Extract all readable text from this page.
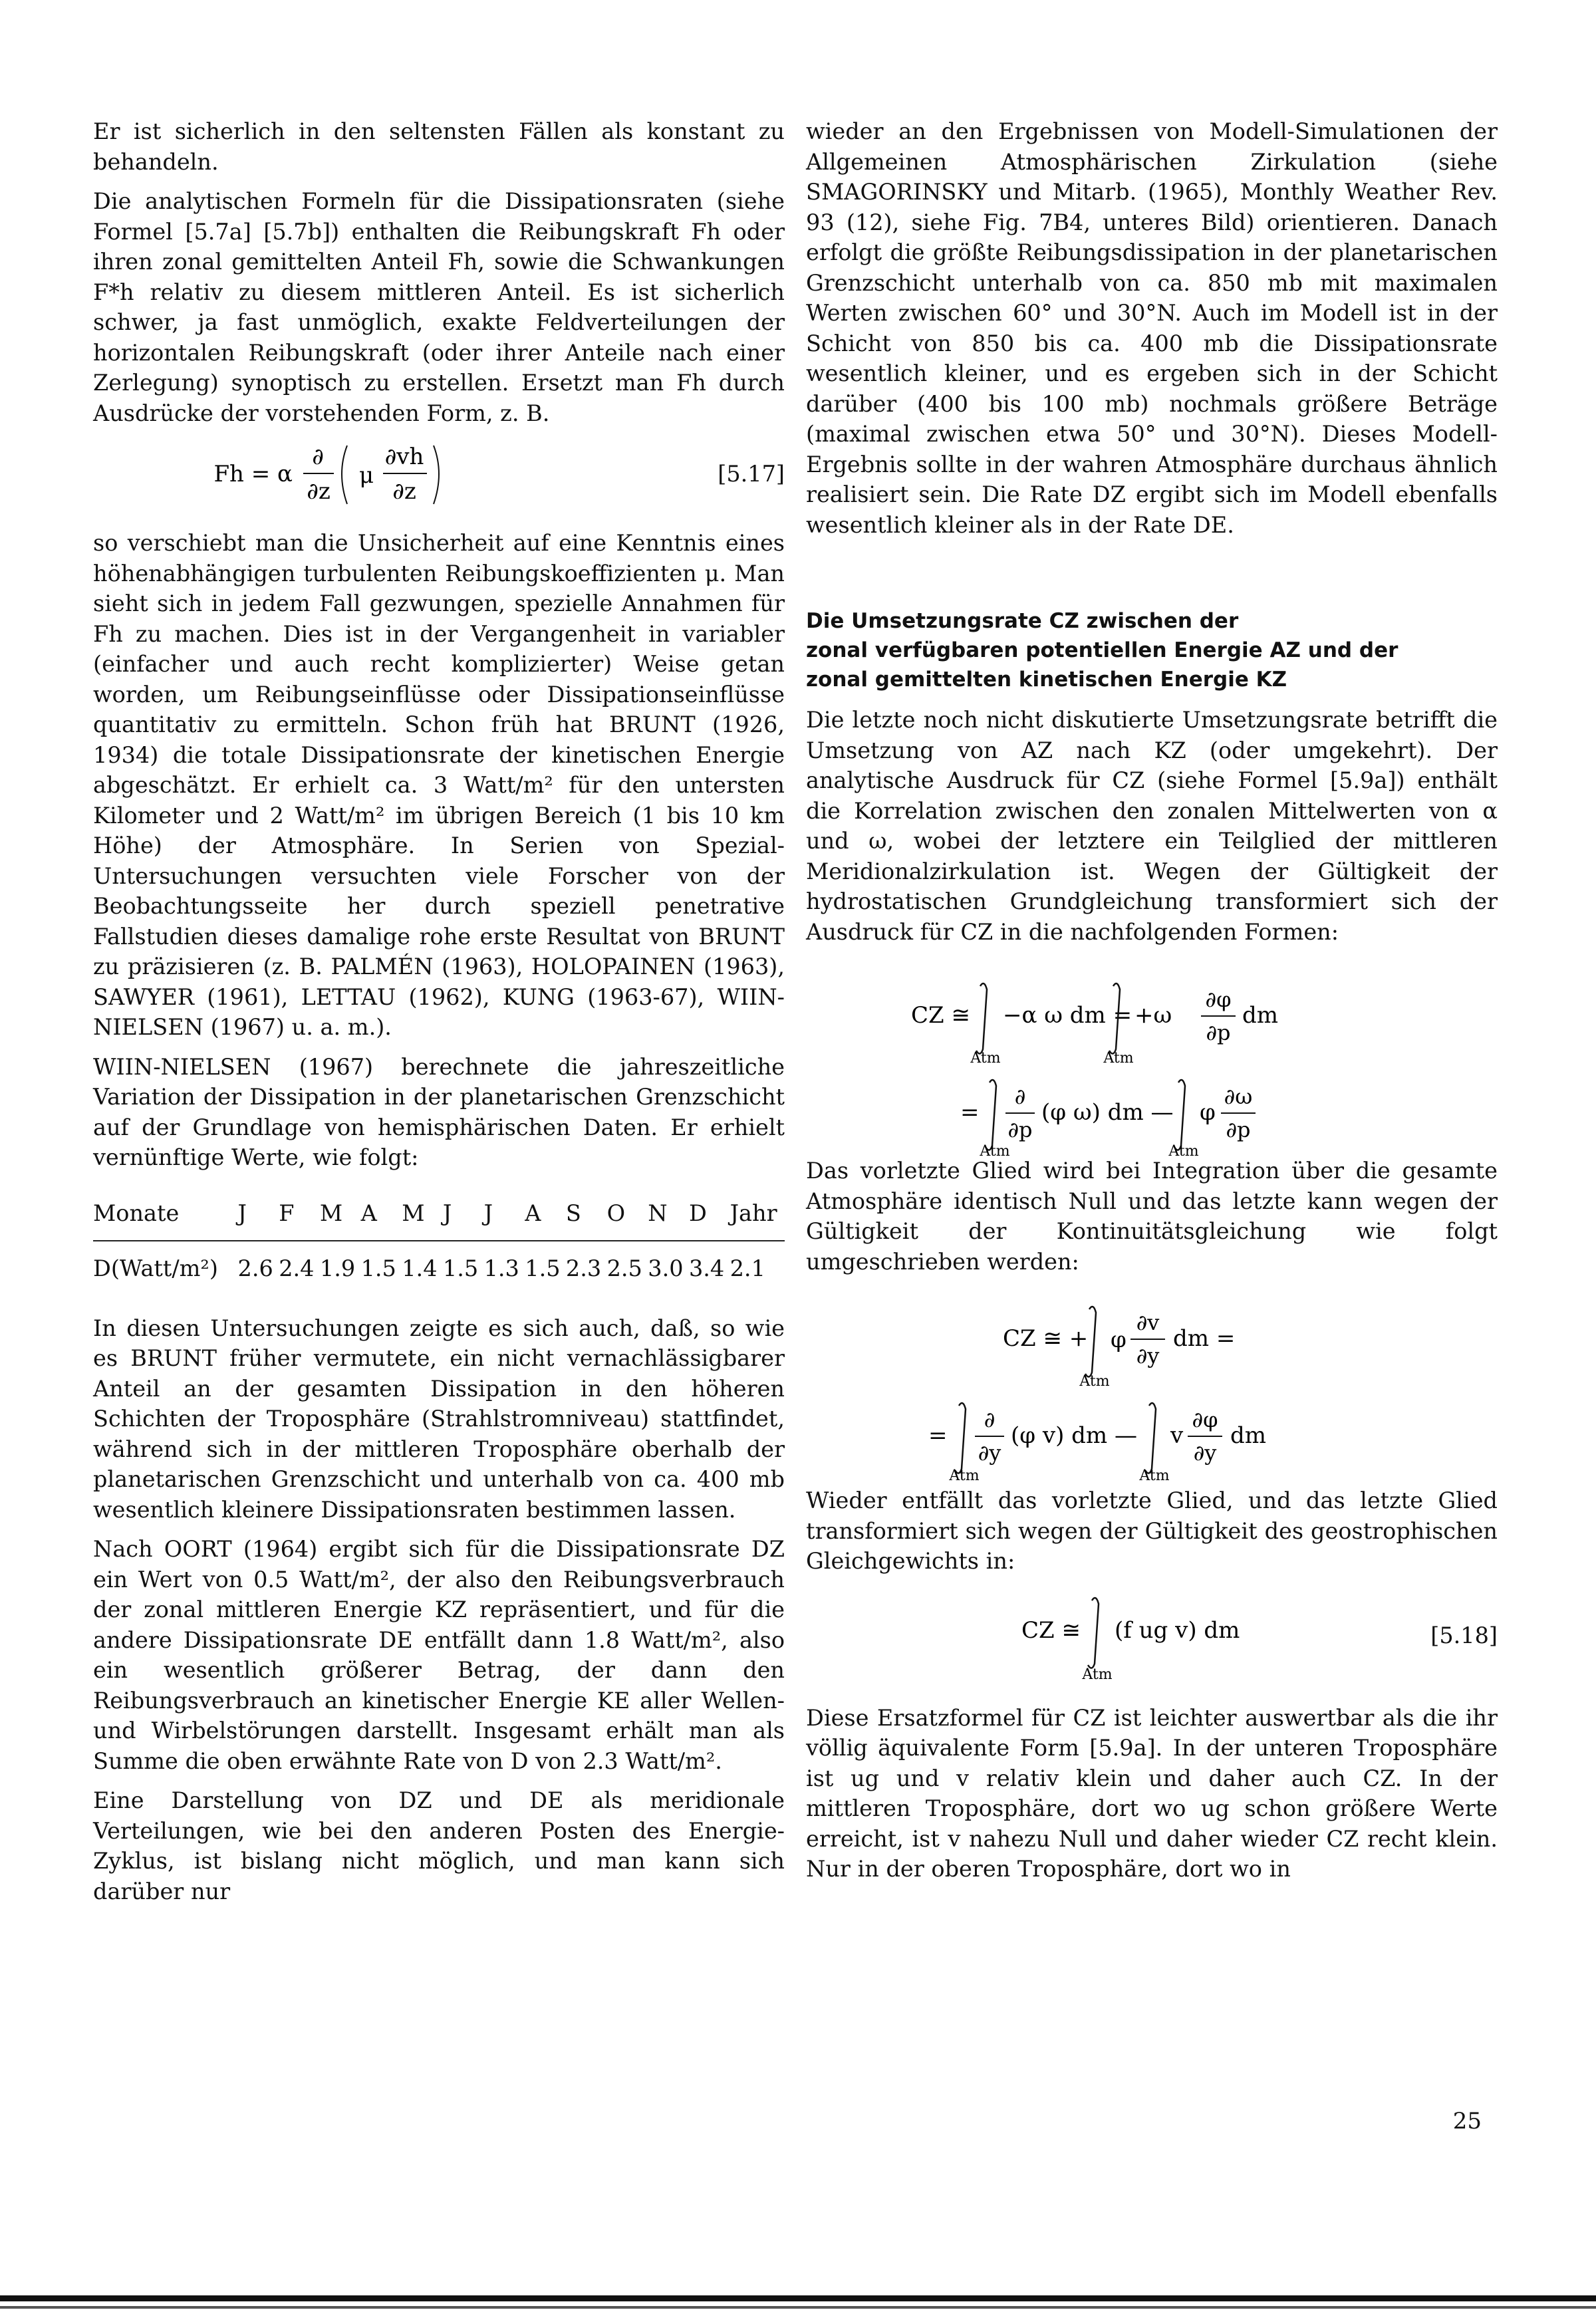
Er ist sicherlich in den seltensten Fällen als konstant zu behandeln.

Die analytischen Formeln für die Dissipationsraten (siehe Formel [5.7a] [5.7b]) enthalten die Reibungskraft Fh oder ihren zonal gemittelten Anteil Fh, sowie die Schwankungen F*h relativ zu diesem mittleren Anteil. Es ist sicherlich schwer, ja fast unmöglich, exakte Feldverteilungen der horizontalen Reibungskraft (oder ihrer Anteile nach einer Zerlegung) synoptisch zu erstellen. Ersetzt man Fh durch Ausdrücke der vorstehenden Form, z. B.

Fh = α
∂
∂z
μ
∂vh
∂z
[5.17]

so verschiebt man die Unsicherheit auf eine Kenntnis eines höhenabhängigen turbulenten Reibungskoeffizienten μ. Man sieht sich in jedem Fall gezwungen, spezielle Annahmen für Fh zu machen. Dies ist in der Vergangenheit in variabler (einfacher und auch recht komplizierter) Weise getan worden, um Reibungseinflüsse oder Dissipationseinflüsse quantitativ zu ermitteln. Schon früh hat BRUNT (1926, 1934) die totale Dissipationsrate der kinetischen Energie abgeschätzt. Er erhielt ca. 3 Watt/m² für den untersten Kilometer und 2 Watt/m² im übrigen Bereich (1 bis 10 km Höhe) der Atmosphäre. In Serien von Spezial-Untersuchungen versuchten viele Forscher von der Beobachtungsseite her durch speziell penetrative Fallstudien dieses damalige rohe erste Resultat von BRUNT zu präzisieren (z. B. PALMÉN (1963), HOLOPAINEN (1963), SAWYER (1961), LETTAU (1962), KUNG (1963-67), WIIN-NIELSEN (1967) u. a. m.).

WIIN-NIELSEN (1967) berechnete die jahreszeitliche Variation der Dissipation in der planetarischen Grenzschicht auf der Grundlage von hemisphärischen Daten. Er erhielt vernünftige Werte, wie folgt:

Monate	J	F	M	A	M	J	J	A	S	O	N	D	Jahr
D(Watt/m²)	2.6	2.4	1.9	1.5	1.4	1.5	1.3	1.5	2.3	2.5	3.0	3.4	2.1

In diesen Untersuchungen zeigte es sich auch, daß, so wie es BRUNT früher vermutete, ein nicht vernachlässigbarer Anteil an der gesamten Dissipation in den höheren Schichten der Troposphäre (Strahlstromniveau) stattfindet, während sich in der mittleren Troposphäre oberhalb der planetarischen Grenzschicht und unterhalb von ca. 400 mb wesentlich kleinere Dissipationsraten bestimmen lassen.

Nach OORT (1964) ergibt sich für die Dissipationsrate DZ ein Wert von 0.5 Watt/m², der also den Reibungsverbrauch der zonal mittleren Energie KZ repräsentiert, und für die andere Dissipationsrate DE entfällt dann 1.8 Watt/m², also ein wesentlich größerer Betrag, der dann den Reibungsverbrauch an kinetischer Energie KE aller Wellen- und Wirbelstörungen darstellt. Insgesamt erhält man als Summe die oben erwähnte Rate von D von 2.3 Watt/m².

Eine Darstellung von DZ und DE als meridionale Verteilungen, wie bei den anderen Posten des Energie-Zyklus, ist bislang nicht möglich, und man kann sich darüber nur

wieder an den Ergebnissen von Modell-Simulationen der Allgemeinen Atmosphärischen Zirkulation (siehe SMAGORINSKY und Mitarb. (1965), Monthly Weather Rev. 93 (12), siehe Fig. 7B4, unteres Bild) orientieren. Danach erfolgt die größte Reibungsdissipation in der planetarischen Grenzschicht unterhalb von ca. 850 mb mit maximalen Werten zwischen 60° und 30°N. Auch im Modell ist in der Schicht von 850 bis ca. 400 mb die Dissipationsrate wesentlich kleiner, und es ergeben sich in der Schicht darüber (400 bis 100 mb) nochmals größere Beträge (maximal zwischen etwa 50° und 30°N). Dieses Modell-Ergebnis sollte in der wahren Atmosphäre durchaus ähnlich realisiert sein. Die Rate DZ ergibt sich im Modell ebenfalls wesentlich kleiner als in der Rate DE.

Die Umsetzungsrate CZ zwischen der
zonal verfügbaren potentiellen Energie AZ und der
zonal gemittelten kinetischen Energie KZ

Die letzte noch nicht diskutierte Umsetzungsrate betrifft die Umsetzung von AZ nach KZ (oder umgekehrt). Der analytische Ausdruck für CZ (siehe Formel [5.9a]) enthält die Korrelation zwischen den zonalen Mittelwerten von α und ω, wobei der letztere ein Teilglied der mittleren Meridionalzirkulation ist. Wegen der Gültigkeit der hydrostatischen Grundgleichung transformiert sich der Ausdruck für CZ in die nachfolgenden Formen:

CZ ≅
Atm
−α ω dm =
Atm
+ω
∂φ
∂p
dm
=
Atm
∂
∂p
(φ ω) dm —
Atm
φ
∂ω
∂p

Das vorletzte Glied wird bei Integration über die gesamte Atmosphäre identisch Null und das letzte kann wegen der Gültigkeit der Kontinuitätsgleichung wie folgt umgeschrieben werden:

CZ ≅ +
Atm
φ
∂v
∂y
dm =
=
Atm
∂
∂y
(φ v) dm —
Atm
v
∂φ
∂y
dm

Wieder entfällt das vorletzte Glied, und das letzte Glied transformiert sich wegen der Gültigkeit des geostrophischen Gleichgewichts in:

CZ ≅
Atm
(f ug v) dm	[5.18]

Diese Ersatzformel für CZ ist leichter auswertbar als die ihr völlig äquivalente Form [5.9a]. In der unteren Troposphäre ist ug und v relativ klein und daher auch CZ. In der mittleren Troposphäre, dort wo ug schon größere Werte erreicht, ist v nahezu Null und daher wieder CZ recht klein. Nur in der oberen Troposphäre, dort wo in

25
